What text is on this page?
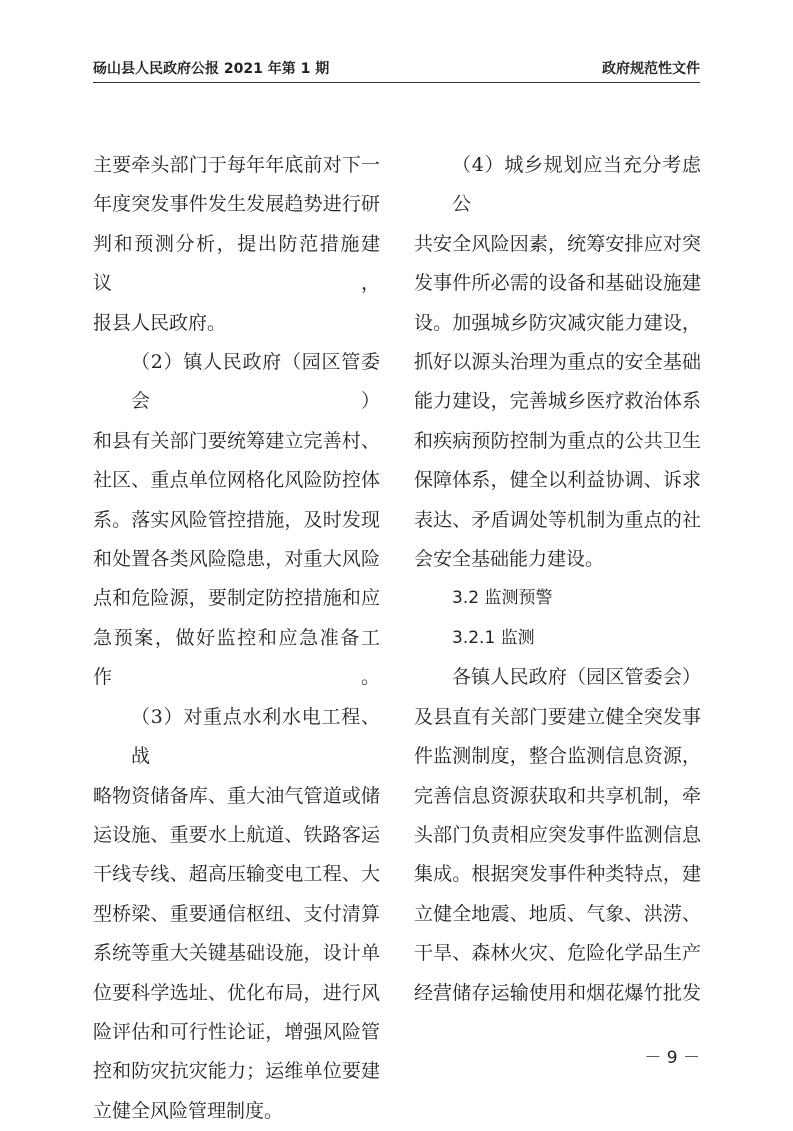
砀山县人民政府公报 2021 年第 1 期	政府规范性文件

主要牵头部门于每年年底前对下一

年度突发事件发生发展趋势进行研

判和预测分析，提出防范措施建议，

报县人民政府。

（2）镇人民政府（园区管委会）

和县有关部门要统筹建立完善村、

社区、重点单位网格化风险防控体

系。落实风险管控措施，及时发现

和处置各类风险隐患，对重大风险

点和危险源，要制定防控措施和应

急预案，做好监控和应急准备工作。

（3）对重点水利水电工程、战

略物资储备库、重大油气管道或储

运设施、重要水上航道、铁路客运

干线专线、超高压输变电工程、大

型桥梁、重要通信枢纽、支付清算

系统等重大关键基础设施，设计单

位要科学选址、优化布局，进行风

险评估和可行性论证，增强风险管

控和防灾抗灾能力；运维单位要建

立健全风险管理制度。

（4）城乡规划应当充分考虑公

共安全风险因素，统筹安排应对突

发事件所必需的设备和基础设施建

设。加强城乡防灾减灾能力建设，

抓好以源头治理为重点的安全基础

能力建设，完善城乡医疗救治体系

和疾病预防控制为重点的公共卫生

保障体系，健全以利益协调、诉求

表达、矛盾调处等机制为重点的社

会安全基础能力建设。

3.2 监测预警

3.2.1 监测

各镇人民政府（园区管委会）

及县直有关部门要建立健全突发事

件监测制度，整合监测信息资源，

完善信息资源获取和共享机制，牵

头部门负责相应突发事件监测信息

集成。根据突发事件种类特点，建

立健全地震、地质、气象、洪涝、

干旱、森林火灾、危险化学品生产

经营储存运输使用和烟花爆竹批发

－ 9 －
